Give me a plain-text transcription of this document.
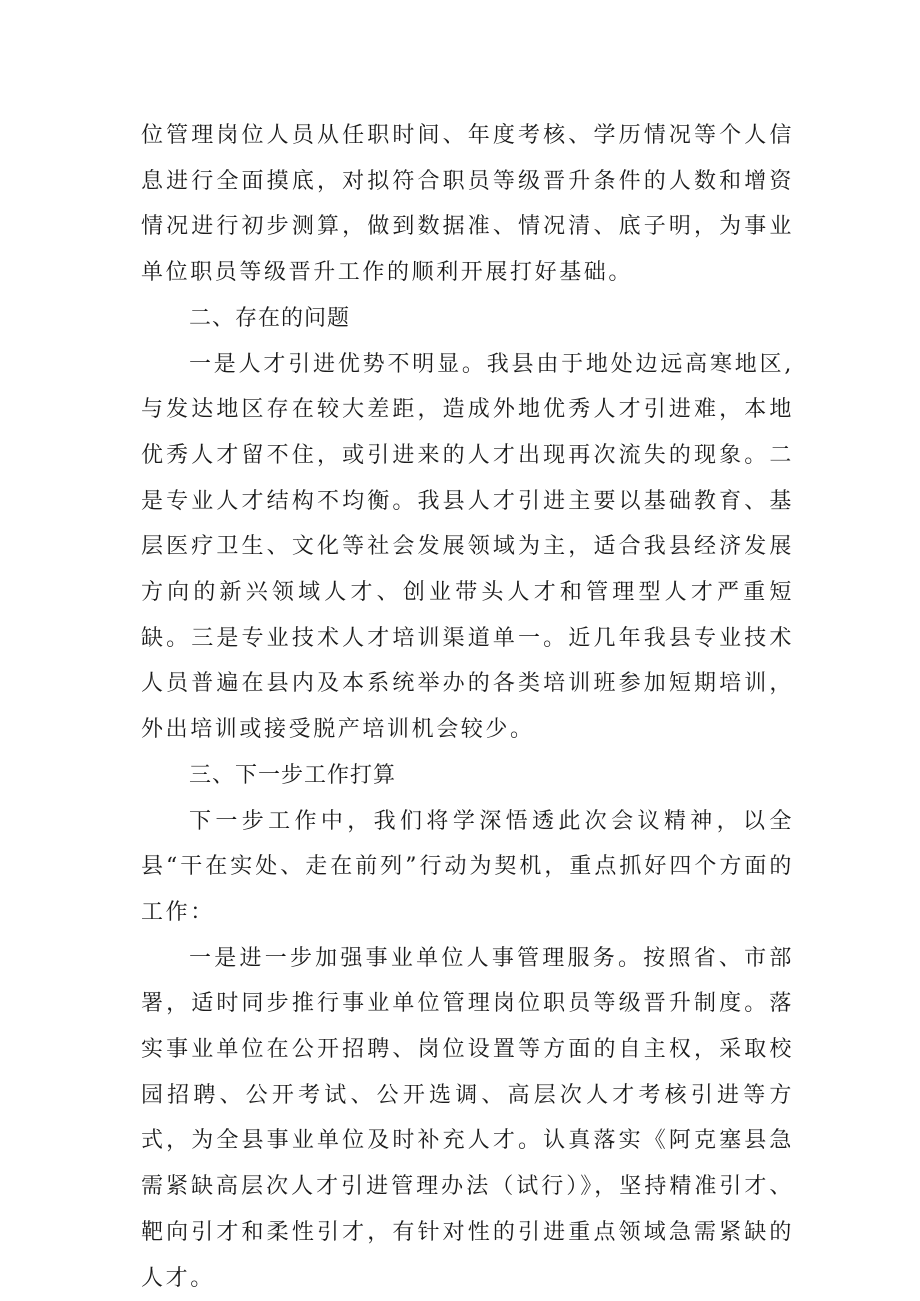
位管理岗位人员从任职时间、年度考核、学历情况等个人信息进行全面摸底，对拟符合职员等级晋升条件的人数和增资情况进行初步测算，做到数据准、情况清、底子明，为事业单位职员等级晋升工作的顺利开展打好基础。

二、存在的问题

一是人才引进优势不明显。我县由于地处边远高寒地区,与发达地区存在较大差距，造成外地优秀人才引进难，本地优秀人才留不住，或引进来的人才出现再次流失的现象。二是专业人才结构不均衡。我县人才引进主要以基础教育、基层医疗卫生、文化等社会发展领域为主，适合我县经济发展方向的新兴领域人才、创业带头人才和管理型人才严重短缺。三是专业技术人才培训渠道单一。近几年我县专业技术人员普遍在县内及本系统举办的各类培训班参加短期培训，外出培训或接受脱产培训机会较少。

三、下一步工作打算

下一步工作中，我们将学深悟透此次会议精神，以全县“干在实处、走在前列”行动为契机，重点抓好四个方面的工作：

一是进一步加强事业单位人事管理服务。按照省、市部署，适时同步推行事业单位管理岗位职员等级晋升制度。落实事业单位在公开招聘、岗位设置等方面的自主权，采取校园招聘、公开考试、公开选调、高层次人才考核引进等方式，为全县事业单位及时补充人才。认真落实《阿克塞县急需紧缺高层次人才引进管理办法（试行）》，坚持精准引才、靶向引才和柔性引才，有针对性的引进重点领域急需紧缺的人才。
